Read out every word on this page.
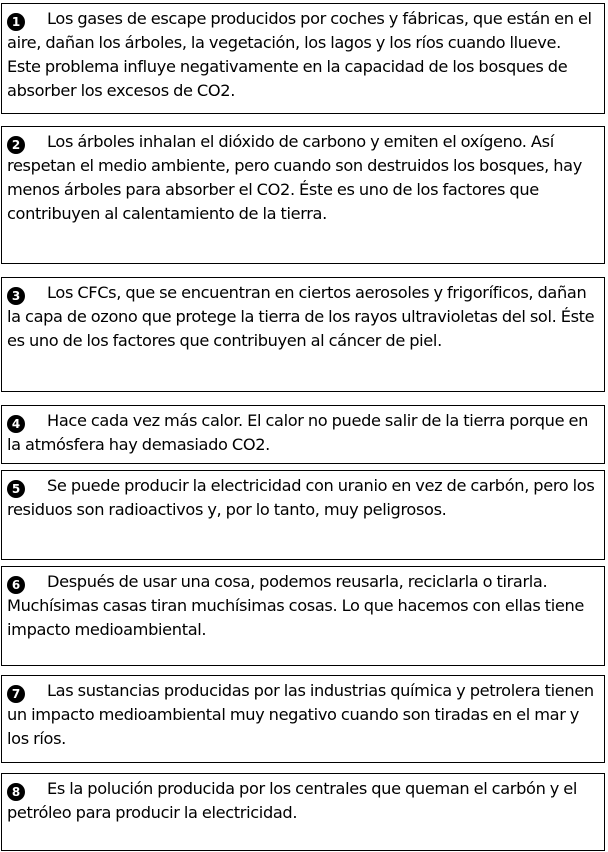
1 Los gases de escape producidos por coches y fábricas, que están en el aire, dañan los árboles, la vegetación, los lagos y los ríos cuando llueve. Este problema influye negativamente en la capacidad de los bosques de absorber los excesos de CO2.
2 Los árboles inhalan el dióxido de carbono y emiten el oxígeno. Así respetan el medio ambiente, pero cuando son destruidos los bosques, hay menos árboles para absorber el CO2. Éste es uno de los factores que contribuyen al calentamiento de la tierra.
3 Los CFCs, que se encuentran en ciertos aerosoles y frigoríficos, dañan la capa de ozono que protege la tierra de los rayos ultravioletas del sol. Éste es uno de los factores que contribuyen al cáncer de piel.
4 Hace cada vez más calor. El calor no puede salir de la tierra porque en la atmósfera hay demasiado CO2.
5 Se puede producir la electricidad con uranio en vez de carbón, pero los residuos son radioactivos y, por lo tanto, muy peligrosos.
6 Después de usar una cosa, podemos reusarla, reciclarla o tirarla. Muchísimas casas tiran muchísimas cosas. Lo que hacemos con ellas tiene impacto medioambiental.
7 Las sustancias producidas por las industrias química y petrolera tienen un impacto medioambiental muy negativo cuando son tiradas en el mar y los ríos.
8 Es la polución producida por los centrales que queman el carbón y el petróleo para producir la electricidad.
